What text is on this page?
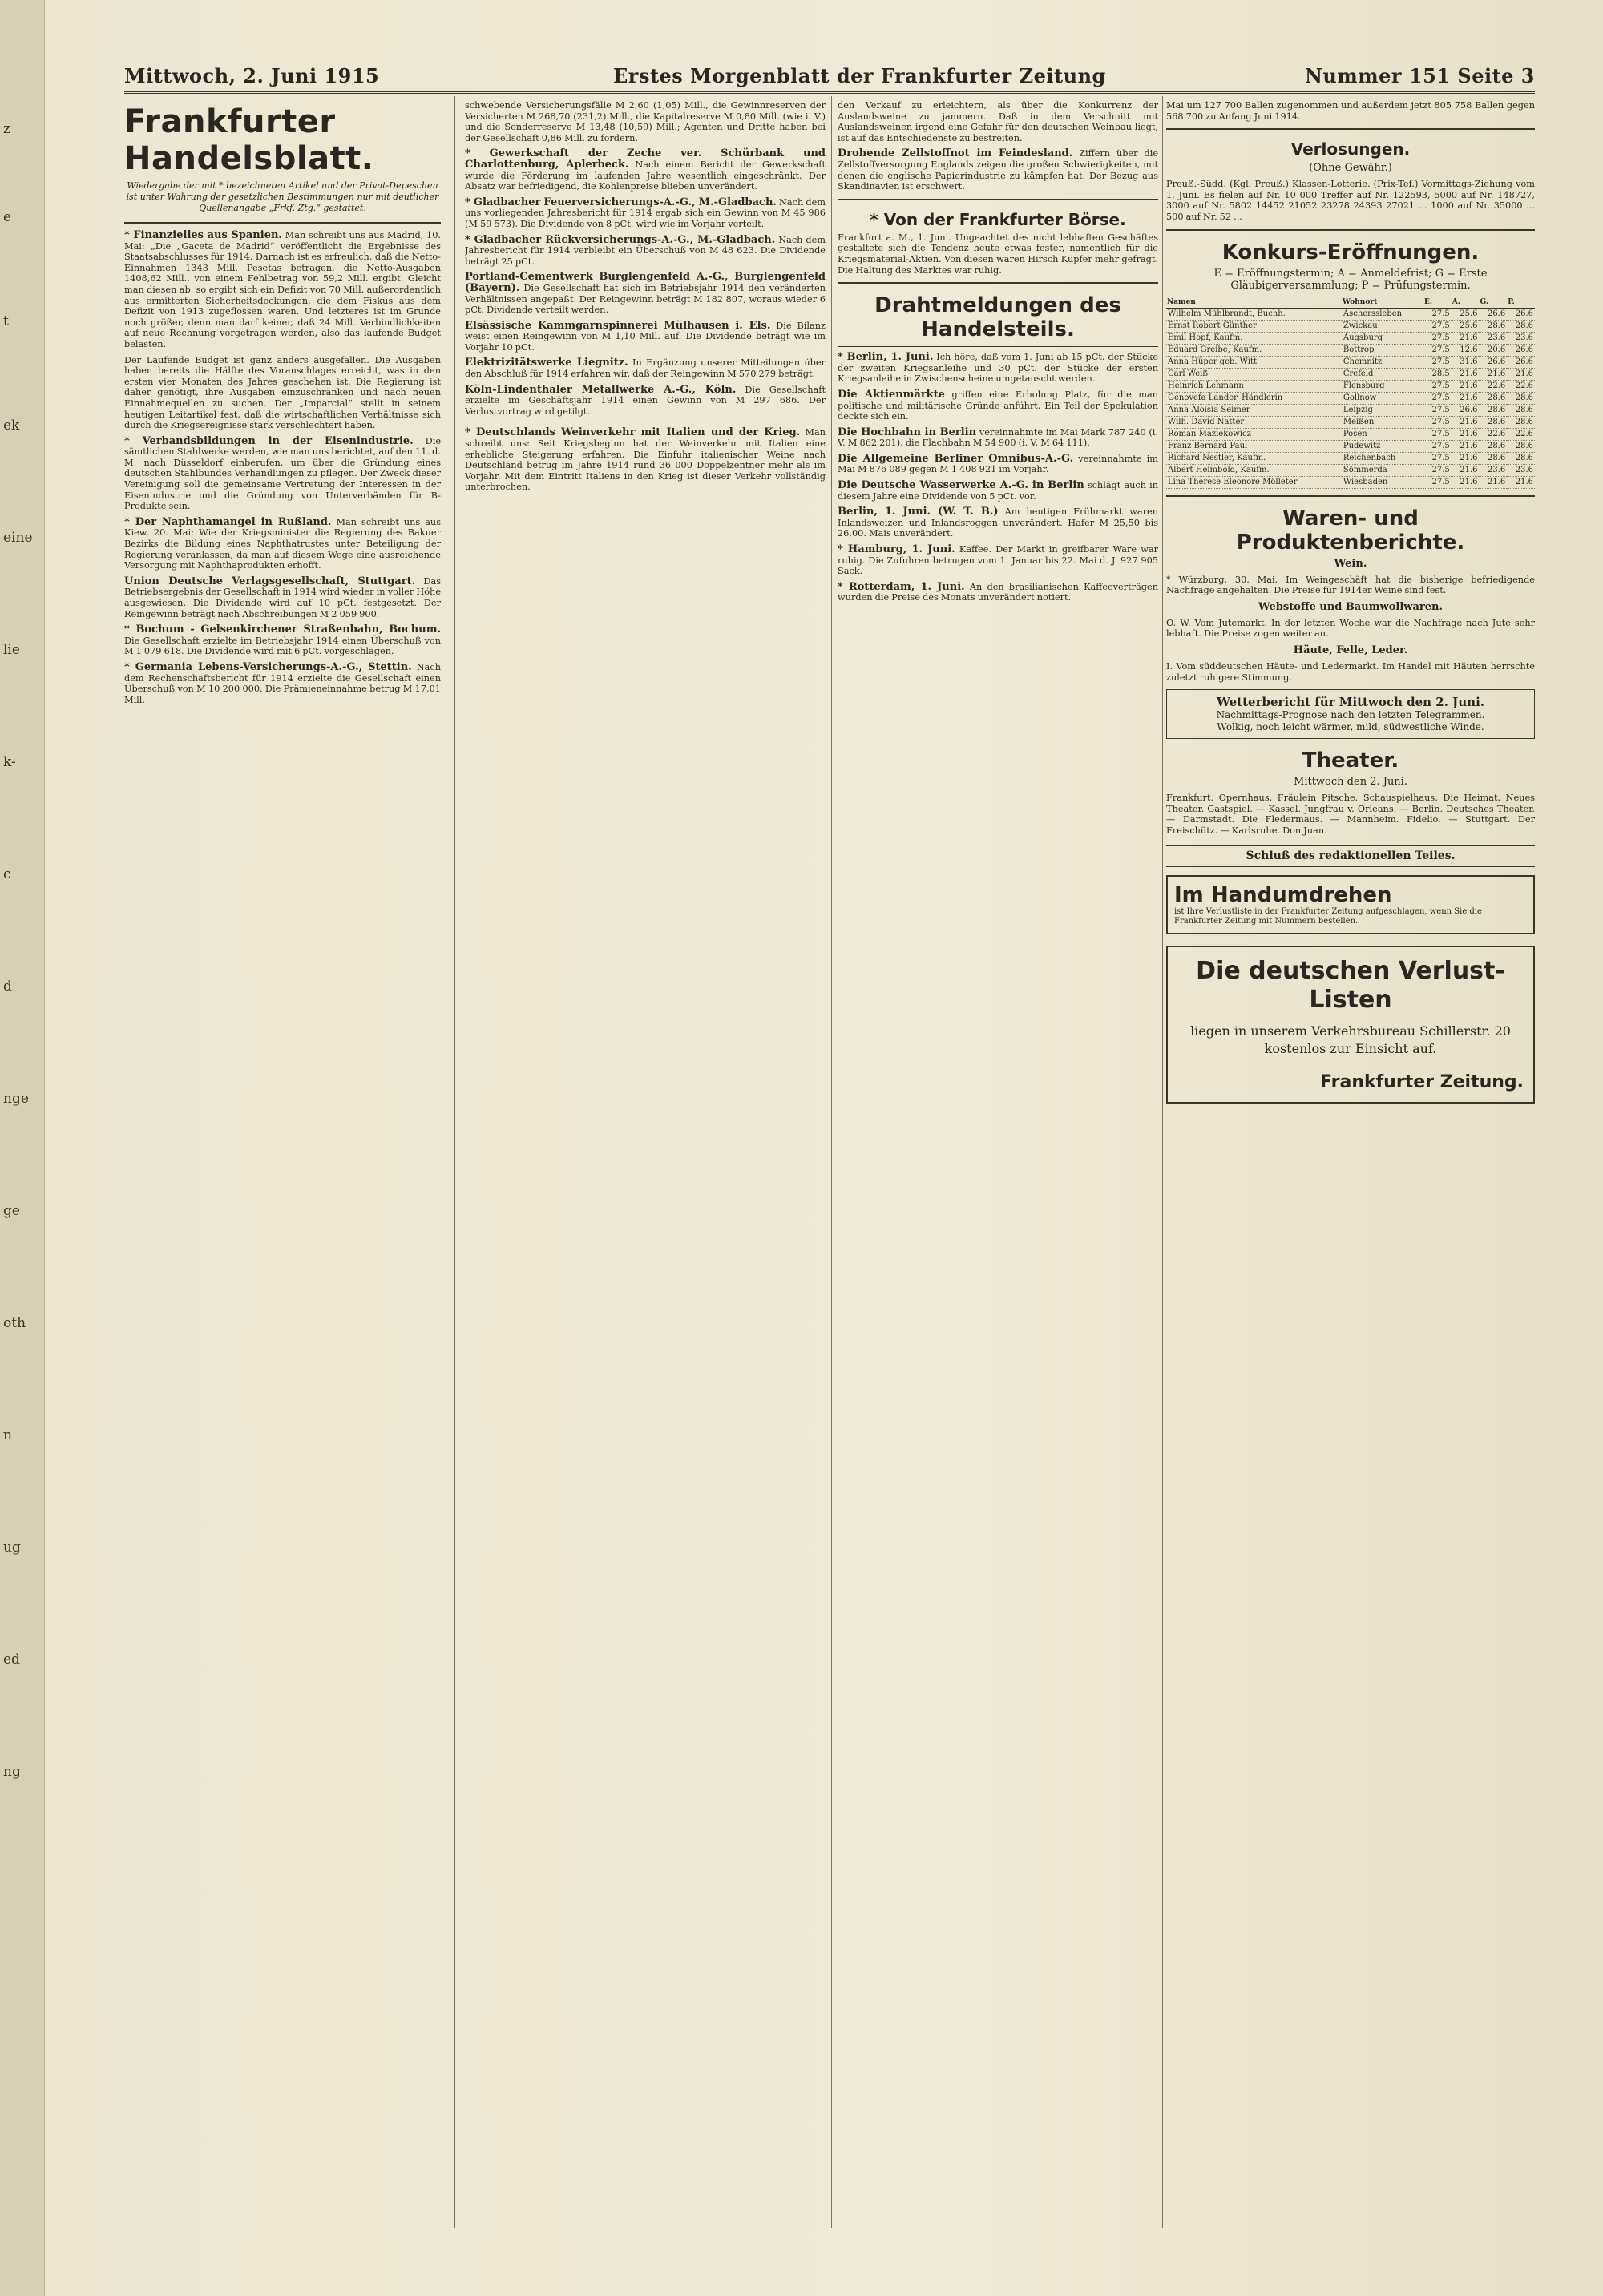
z
e
t
ek
eine
lie
k-
c
d
nge
ge
oth
n
ug
ed
ng
Mittwoch, 2. Juni 1915	Erstes Morgenblatt der Frankfurter Zeitung	Nummer 151 Seite 3
Frankfurter Handelsblatt.
Wiedergabe der mit * bezeichneten Artikel und der Privat-Depeschen ist unter Wahrung der gesetzlichen Bestimmungen nur mit deutlicher Quellenangabe „Frkf. Ztg.“ gestattet.

* Finanzielles aus Spanien. Man schreibt uns aus Madrid, 10. Mai: „Die „Gaceta de Madrid“ veröffentlicht die Ergebnisse des Staatsabschlusses für 1914. Darnach ist es erfreulich, daß die Netto-Einnahmen 1343 Mill. Pesetas betragen, die Netto-Ausgaben 1408,62 Mill., von einem Fehlbetrag von 59,2 Mill. ergibt. Gleicht man diesen ab, so ergibt sich ein Defizit von 70 Mill. außerordentlich aus ermitterten Sicherheitsdeckungen, die dem Fiskus aus dem Defizit von 1913 zugeflossen waren. Und letzteres ist im Grunde noch größer, denn man darf keiner, daß 24 Mill. Verbindlichkeiten auf neue Rechnung vorgetragen werden, also das laufende Budget belasten.

Der Laufende Budget ist ganz anders ausgefallen. Die Ausgaben haben bereits die Hälfte des Voranschlages erreicht, was in den ersten vier Monaten des Jahres geschehen ist. Die Regierung ist daher genötigt, ihre Ausgaben einzuschränken und nach neuen Einnahmequellen zu suchen. Der „Imparcial“ stellt in seinem heutigen Leitartikel fest, daß die wirtschaftlichen Verhältnisse sich durch die Kriegsereignisse stark verschlechtert haben.

* Verbandsbildungen in der Eisenindustrie. Die sämtlichen Stahlwerke werden, wie man uns berichtet, auf den 11. d. M. nach Düsseldorf einberufen, um über die Gründung eines deutschen Stahlbundes Verhandlungen zu pflegen. Der Zweck dieser Vereinigung soll die gemeinsame Vertretung der Interessen in der Eisenindustrie und die Gründung von Unterverbänden für B-Produkte sein.

* Der Naphthamangel in Rußland. Man schreibt uns aus Kiew, 20. Mai: Wie der Kriegsminister die Regierung des Bakuer Bezirks die Bildung eines Naphthatrustes unter Beteiligung der Regierung veranlassen, da man auf diesem Wege eine ausreichende Versorgung mit Naphthaprodukten erhofft.

Union Deutsche Verlagsgesellschaft, Stuttgart. Das Betriebsergebnis der Gesellschaft in 1914 wird wieder in voller Höhe ausgewiesen. Die Dividende wird auf 10 pCt. festgesetzt. Der Reingewinn beträgt nach Abschreibungen M 2 059 900.

* Bochum - Gelsenkirchener Straßenbahn, Bochum. Die Gesellschaft erzielte im Betriebsjahr 1914 einen Überschuß von M 1 079 618. Die Dividende wird mit 6 pCt. vorgeschlagen.

* Germania Lebens-Versicherungs-A.-G., Stettin. Nach dem Rechenschaftsbericht für 1914 erzielte die Gesellschaft einen Überschuß von M 10 200 000. Die Prämieneinnahme betrug M 17,01 Mill.

schwebende Versicherungsfälle M 2,60 (1,05) Mill., die Gewinnreserven der Versicherten M 268,70 (231,2) Mill., die Kapitalreserve M 0,80 Mill. (wie i. V.) und die Sonderreserve M 13,48 (10,59) Mill.; Agenten und Dritte haben bei der Gesellschaft 0,86 Mill. zu fordern.

* Gewerkschaft der Zeche ver. Schürbank und Charlottenburg, Aplerbeck. Nach einem Bericht der Gewerkschaft wurde die Förderung im laufenden Jahre wesentlich eingeschränkt. Der Absatz war befriedigend, die Kohlenpreise blieben unverändert.

* Gladbacher Feuerversicherungs-A.-G., M.-Gladbach. Nach dem uns vorliegenden Jahresbericht für 1914 ergab sich ein Gewinn von M 45 986 (M 59 573). Die Dividende von 8 pCt. wird wie im Vorjahr verteilt.

* Gladbacher Rückversicherungs-A.-G., M.-Gladbach. Nach dem Jahresbericht für 1914 verbleibt ein Überschuß von M 48 623. Die Dividende beträgt 25 pCt.

Portland-Cementwerk Burglengenfeld A.-G., Burglengenfeld (Bayern). Die Gesellschaft hat sich im Betriebsjahr 1914 den veränderten Verhältnissen angepaßt. Der Reingewinn beträgt M 182 807, woraus wieder 6 pCt. Dividende verteilt werden.

Elsässische Kammgarnspinnerei Mülhausen i. Els. Die Bilanz weist einen Reingewinn von M 1,10 Mill. auf. Die Dividende beträgt wie im Vorjahr 10 pCt.

Elektrizitätswerke Liegnitz. In Ergänzung unserer Mitteilungen über den Abschluß für 1914 erfahren wir, daß der Reingewinn M 570 279 beträgt.

Köln-Lindenthaler Metallwerke A.-G., Köln. Die Gesellschaft erzielte im Geschäftsjahr 1914 einen Gewinn von M 297 686. Der Verlustvortrag wird getilgt.

* Deutschlands Weinverkehr mit Italien und der Krieg. Man schreibt uns: Seit Kriegsbeginn hat der Weinverkehr mit Italien eine erhebliche Steigerung erfahren. Die Einfuhr italienischer Weine nach Deutschland betrug im Jahre 1914 rund 36 000 Doppelzentner mehr als im Vorjahr. Mit dem Eintritt Italiens in den Krieg ist dieser Verkehr vollständig unterbrochen.

den Verkauf zu erleichtern, als über die Konkurrenz der Auslandsweine zu jammern. Daß in dem Verschnitt mit Auslandsweinen irgend eine Gefahr für den deutschen Weinbau liegt, ist auf das Entschiedenste zu bestreiten.

Drohende Zellstoffnot im Feindesland. Ziffern über die Zellstoffversorgung Englands zeigen die großen Schwierigkeiten, mit denen die englische Papierindustrie zu kämpfen hat. Der Bezug aus Skandinavien ist erschwert.

* Von der Frankfurter Börse.

Frankfurt a. M., 1. Juni. Ungeachtet des nicht lebhaften Geschäftes gestaltete sich die Tendenz heute etwas fester, namentlich für die Kriegsmaterial-Aktien. Von diesen waren Hirsch Kupfer mehr gefragt. Die Haltung des Marktes war ruhig.

Drahtmeldungen des Handelsteils.

* Berlin, 1. Juni. Ich höre, daß vom 1. Juni ab 15 pCt. der Stücke der zweiten Kriegsanleihe und 30 pCt. der Stücke der ersten Kriegsanleihe in Zwischenscheine umgetauscht werden.

Die Aktienmärkte griffen eine Erholung Platz, für die man politische und militärische Gründe anführt. Ein Teil der Spekulation deckte sich ein.

Die Hochbahn in Berlin vereinnahmte im Mai Mark 787 240 (i. V. M 862 201), die Flachbahn M 54 900 (i. V. M 64 111).

Die Allgemeine Berliner Omnibus-A.-G. vereinnahmte im Mai M 876 089 gegen M 1 408 921 im Vorjahr.

Die Deutsche Wasserwerke A.-G. in Berlin schlägt auch in diesem Jahre eine Dividende von 5 pCt. vor.

Berlin, 1. Juni. (W. T. B.) Am heutigen Frühmarkt waren Inlandsweizen und Inlandsroggen unverändert. Hafer M 25,50 bis 26,00. Mais unverändert.

* Hamburg, 1. Juni. Kaffee. Der Markt in greifbarer Ware war ruhig. Die Zufuhren betrugen vom 1. Januar bis 22. Mai d. J. 927 905 Sack.

* Rotterdam, 1. Juni. An den brasilianischen Kaffeeverträgen wurden die Preise des Monats unverändert notiert.

Mai um 127 700 Ballen zugenommen und außerdem jetzt 805 758 Ballen gegen 568 700 zu Anfang Juni 1914.

Verlosungen.
(Ohne Gewähr.)

Preuß.-Südd. (Kgl. Preuß.) Klassen-Lotterie. (Prix-Tef.) Vormittags-Ziehung vom 1. Juni. Es fielen auf Nr. 10 000 Treffer auf Nr. 122593, 5000 auf Nr. 148727, 3000 auf Nr. 5802 14452 21052 23278 24393 27021 ... 1000 auf Nr. 35000 ... 500 auf Nr. 52 ...

Konkurs-Eröffnungen.
E = Eröffnungstermin; A = Anmeldefrist; G = Erste Gläubigerversammlung; P = Prüfungstermin.
Namen	Wohnort	E.	A.	G.	P.
Wilhelm Mühlbrandt, Buchh.	Ascherssleben	27.5	25.6	26.6	26.6
Ernst Robert Günther	Zwickau	27.5	25.6	28.6	28.6
Emil Hopf, Kaufm.	Augsburg	27.5	21.6	23.6	23.6
Eduard Greibe, Kaufm.	Bottrop	27.5	12.6	20.6	26.6
Anna Hüper geb. Witt	Chemnitz	27.5	31.6	26.6	26.6
Carl Weiß	Crefeld	28.5	21.6	21.6	21.6
Heinrich Lehmann	Flensburg	27.5	21.6	22.6	22.6
Genovefa Lander, Händlerin	Gollnow	27.5	21.6	28.6	28.6
Anna Aloisia Seimer	Leipzig	27.5	26.6	28.6	28.6
Wilh. David Natter	Meißen	27.5	21.6	28.6	28.6
Roman Maziekowicz	Posen	27.5	21.6	22.6	22.6
Franz Bernard Paul	Pudewitz	27.5	21.6	28.6	28.6
Richard Nestler, Kaufm.	Reichenbach	27.5	21.6	28.6	28.6
Albert Heimbold, Kaufm.	Sömmerda	27.5	21.6	23.6	23.6
Lina Therese Eleonore Mölleter	Wiesbaden	27.5	21.6	21.6	21.6
Waren- und Produktenberichte.
Wein.

* Würzburg, 30. Mai. Im Weingeschäft hat die bisherige befriedigende Nachfrage angehalten. Die Preise für 1914er Weine sind fest.

Webstoffe und Baumwollwaren.

O. W. Vom Jutemarkt. In der letzten Woche war die Nachfrage nach Jute sehr lebhaft. Die Preise zogen weiter an.

Häute, Felle, Leder.

I. Vom süddeutschen Häute- und Ledermarkt. Im Handel mit Häuten herrschte zuletzt ruhigere Stimmung.

Wetterbericht für Mittwoch den 2. Juni.
Nachmittags-Prognose nach den letzten Telegrammen.
Wolkig, noch leicht wärmer, mild, südwestliche Winde.
Theater.
Mittwoch den 2. Juni.

Frankfurt. Opernhaus. Fräulein Pitsche. Schauspielhaus. Die Heimat. Neues Theater. Gastspiel. — Kassel. Jungfrau v. Orleans. — Berlin. Deutsches Theater. — Darmstadt. Die Fledermaus. — Mannheim. Fidelio. — Stuttgart. Der Freischütz. — Karlsruhe. Don Juan.

Schluß des redaktionellen Teiles.
Im Handumdrehen
ist Ihre Verlustliste in der Frankfurter Zeitung aufgeschlagen, wenn Sie die Frankfurter Zeitung mit Nummern bestellen.
Die deutschen Verlust-Listen
liegen in unserem Verkehrsbureau Schillerstr. 20 kostenlos zur Einsicht auf.
Frankfurter Zeitung.
